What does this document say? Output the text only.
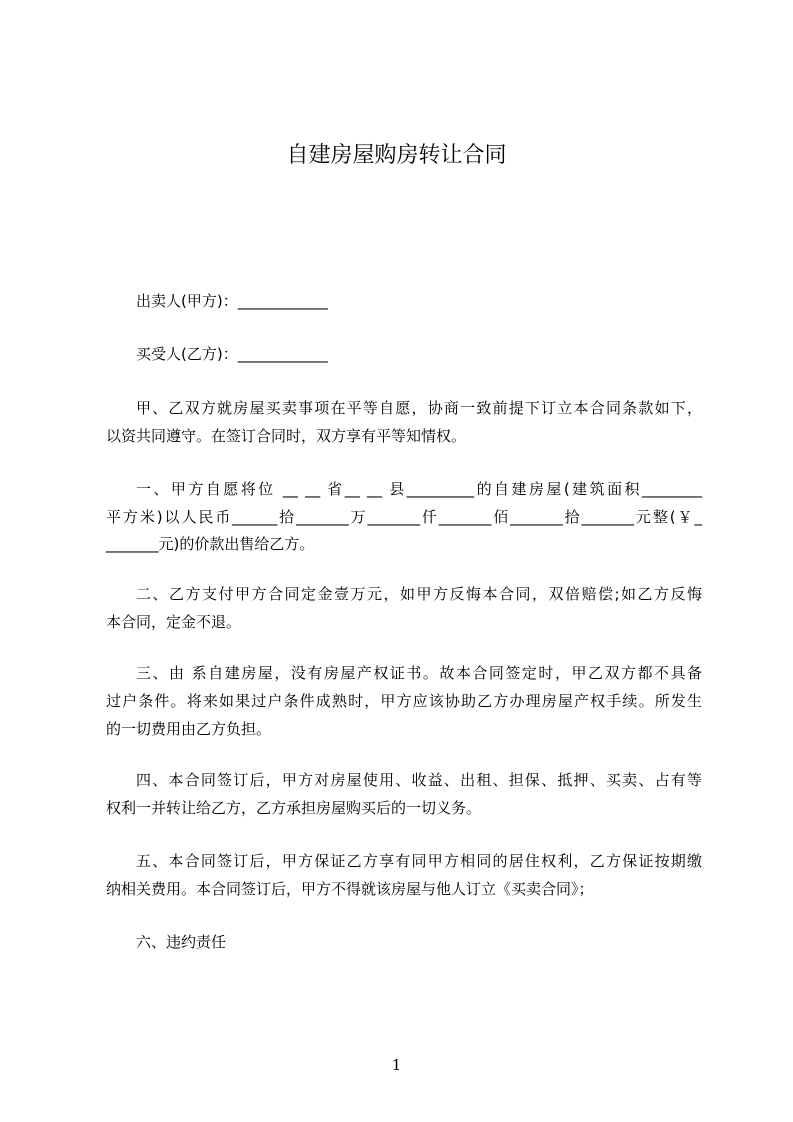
自建房屋购房转让合同
出卖人(甲方)：____________
买受人(乙方)：____________
甲、乙双方就房屋买卖事项在平等自愿，协商一致前提下订立本合同条款如下，
以资共同遵守。在签订合同时，双方享有平等知情权。
一、甲方自愿将位 __ __ 省__ __ 县_________的自建房屋(建筑面积________
平方米)以人民币______拾_______万_______仟_______佰_______拾_______元整(￥_
_______元)的价款出售给乙方。
二、乙方支付甲方合同定金壹万元，如甲方反悔本合同，双倍赔偿;如乙方反悔
本合同，定金不退。
三、由 系自建房屋，没有房屋产权证书。故本合同签定时，甲乙双方都不具备
过户条件。将来如果过户条件成熟时，甲方应该协助乙方办理房屋产权手续。所发生
的一切费用由乙方负担。
四、本合同签订后，甲方对房屋使用、收益、出租、担保、抵押、买卖、占有等
权利一并转让给乙方，乙方承担房屋购买后的一切义务。
五、本合同签订后，甲方保证乙方享有同甲方相同的居住权利，乙方保证按期缴
纳相关费用。本合同签订后，甲方不得就该房屋与他人订立《买卖合同》；
六、违约责任
1
